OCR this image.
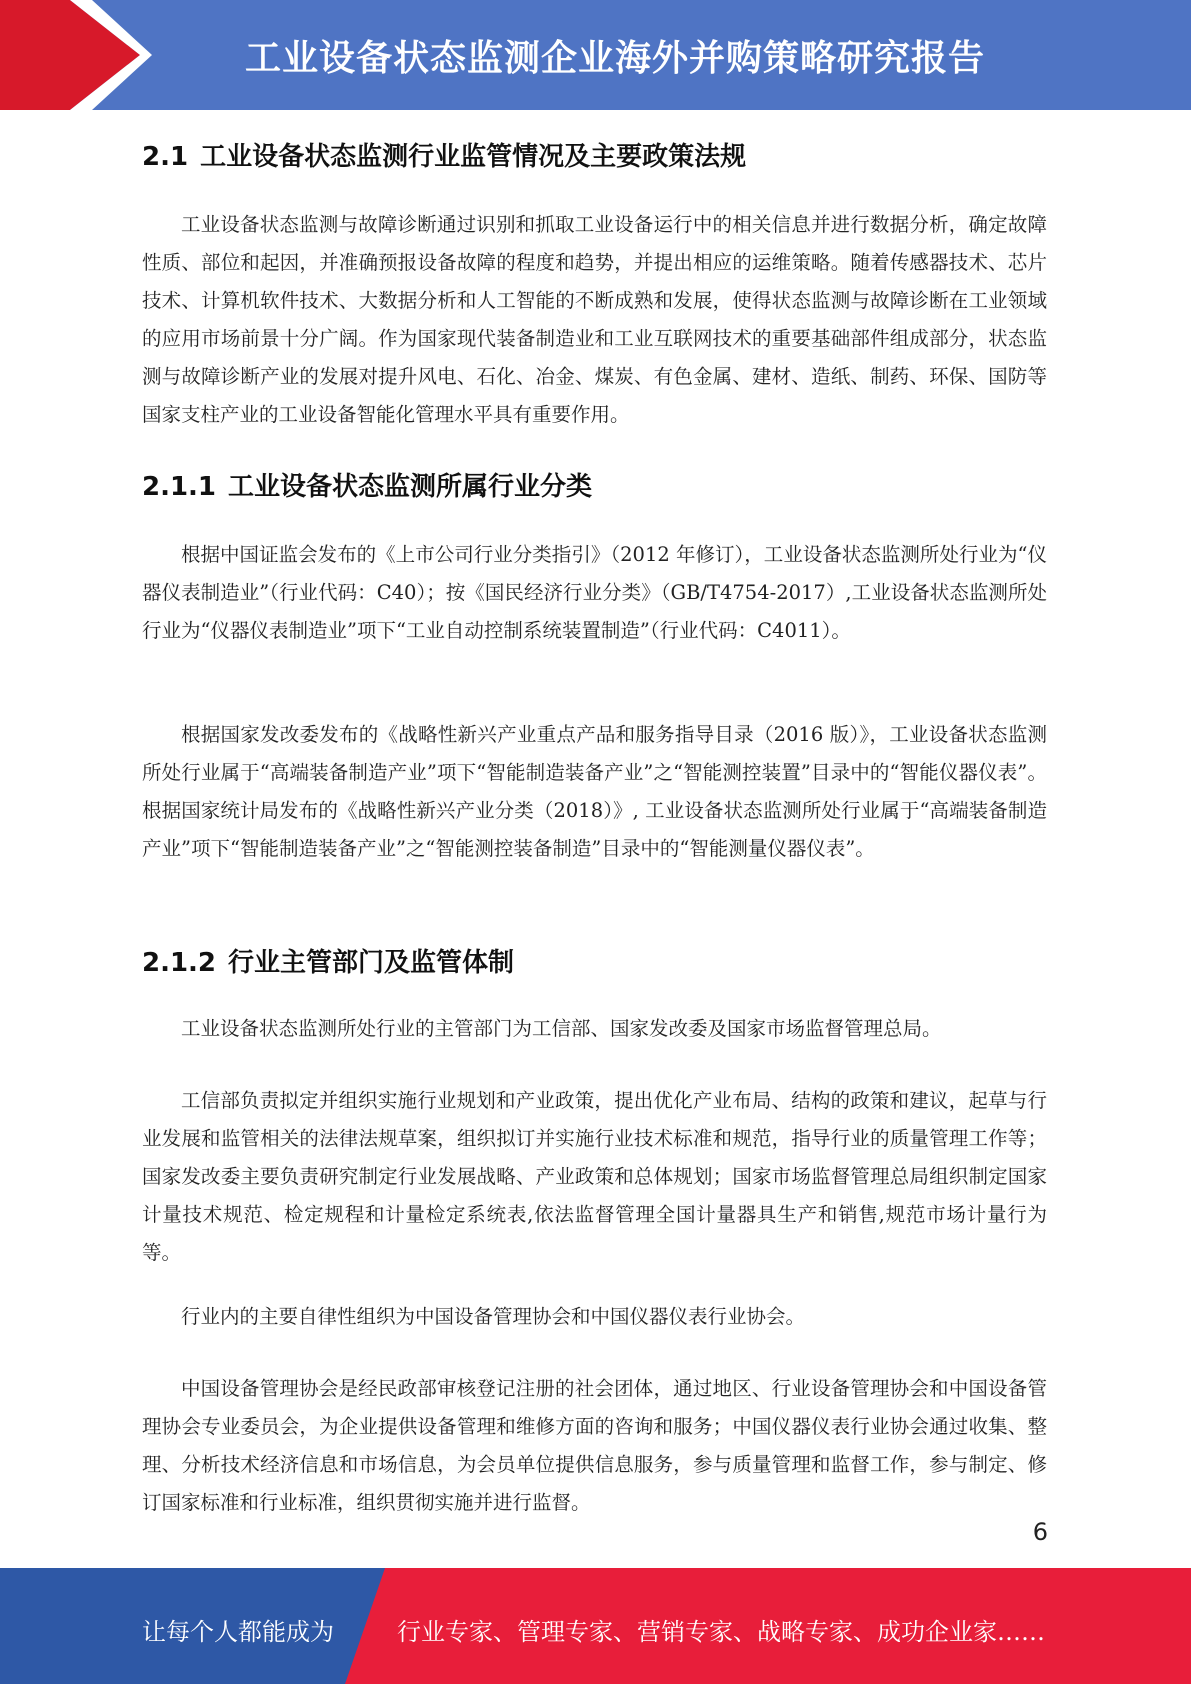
工业设备状态监测企业海外并购策略研究报告
2.1 工业设备状态监测行业监管情况及主要政策法规

工业设备状态监测与故障诊断通过识别和抓取工业设备运行中的相关信息并进行数据分析，确定故障性质、部位和起因，并准确预报设备故障的程度和趋势，并提出相应的运维策略。随着传感器技术、芯片技术、计算机软件技术、大数据分析和人工智能的不断成熟和发展，使得状态监测与故障诊断在工业领域的应用市场前景十分广阔。作为国家现代装备制造业和工业互联网技术的重要基础部件组成部分，状态监测与故障诊断产业的发展对提升风电、石化、冶金、煤炭、有色金属、建材、造纸、制药、环保、国防等国家支柱产业的工业设备智能化管理水平具有重要作用。

2.1.1 工业设备状态监测所属行业分类

根据中国证监会发布的《上市公司行业分类指引》（2012 年修订），工业设备状态监测所处行业为“仪器仪表制造业”（行业代码：C40）；按《国民经济行业分类》（GB/T4754-2017）,工业设备状态监测所处行业为“仪器仪表制造业”项下“工业自动控制系统装置制造”（行业代码：C4011）。

根据国家发改委发布的《战略性新兴产业重点产品和服务指导目录（2016 版）》，工业设备状态监测所处行业属于“高端装备制造产业”项下“智能制造装备产业”之“智能测控装置”目录中的“智能仪器仪表”。根据国家统计局发布的《战略性新兴产业分类（2018）》, 工业设备状态监测所处行业属于“高端装备制造产业”项下“智能制造装备产业”之“智能测控装备制造”目录中的“智能测量仪器仪表”。

2.1.2 行业主管部门及监管体制

工业设备状态监测所处行业的主管部门为工信部、国家发改委及国家市场监督管理总局。

工信部负责拟定并组织实施行业规划和产业政策，提出优化产业布局、结构的政策和建议，起草与行业发展和监管相关的法律法规草案，组织拟订并实施行业技术标准和规范，指导行业的质量管理工作等；国家发改委主要负责研究制定行业发展战略、产业政策和总体规划；国家市场监督管理总局组织制定国家计量技术规范、检定规程和计量检定系统表,依法监督管理全国计量器具生产和销售,规范市场计量行为等。

行业内的主要自律性组织为中国设备管理协会和中国仪器仪表行业协会。

中国设备管理协会是经民政部审核登记注册的社会团体，通过地区、行业设备管理协会和中国设备管理协会专业委员会，为企业提供设备管理和维修方面的咨询和服务；中国仪器仪表行业协会通过收集、整理、分析技术经济信息和市场信息，为会员单位提供信息服务，参与质量管理和监督工作，参与制定、修订国家标准和行业标准，组织贯彻实施并进行监督。

6
让每个人都能成为	行业专家、管理专家、营销专家、战略专家、成功企业家……
